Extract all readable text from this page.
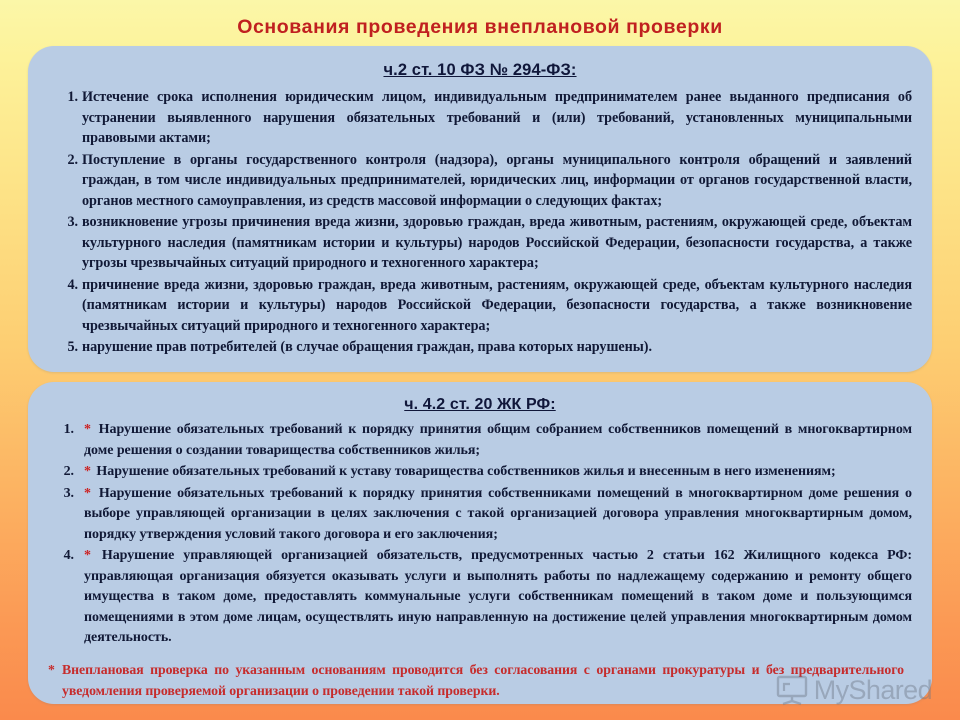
Основания проведения внеплановой проверки
ч.2 ст. 10 ФЗ № 294-ФЗ:
1. Истечение срока исполнения юридическим лицом, индивидуальным предпринимателем ранее выданного предписания об устранении выявленного нарушения обязательных требований и (или) требований, установленных муниципальными правовыми актами;
2. Поступление в органы государственного контроля (надзора), органы муниципального контроля обращений и заявлений граждан, в том числе индивидуальных предпринимателей, юридических лиц, информации от органов государственной власти, органов местного самоуправления, из средств массовой информации о следующих фактах;
3. возникновение угрозы причинения вреда жизни, здоровью граждан, вреда животным, растениям, окружающей среде, объектам культурного наследия (памятникам истории и культуры) народов Российской Федерации, безопасности государства, а также угрозы чрезвычайных ситуаций природного и техногенного характера;
4. причинение вреда жизни, здоровью граждан, вреда животным, растениям, окружающей среде, объектам культурного наследия (памятникам истории и культуры) народов Российской Федерации, безопасности государства, а также возникновение чрезвычайных ситуаций природного и техногенного характера;
5. нарушение прав потребителей (в случае обращения граждан, права которых нарушены).
ч. 4.2 ст. 20 ЖК РФ:
1. * Нарушение обязательных требований к порядку принятия общим собранием собственников помещений в многоквартирном доме решения о создании товарищества собственников жилья;
2. * Нарушение обязательных требований к уставу товарищества собственников жилья и внесенным в него изменениям;
3. * Нарушение обязательных требований к порядку принятия собственниками помещений в многоквартирном доме решения о выборе управляющей организации в целях заключения с такой организацией договора управления многоквартирным домом, порядку утверждения условий такого договора и его заключения;
4. * Нарушение управляющей организацией обязательств, предусмотренных частью 2 статьи 162 Жилищного кодекса РФ: управляющая организация обязуется оказывать услуги и выполнять работы по надлежащему содержанию и ремонту общего имущества в таком доме, предоставлять коммунальные услуги собственникам помещений в таком доме и пользующимся помещениями в этом доме лицам, осуществлять иную направленную на достижение целей управления многоквартирным домом деятельность.
* Внеплановая проверка по указанным основаниям проводится без согласования с органами прокуратуры и без предварительного уведомления проверяемой организации о проведении такой проверки.	MyShared
